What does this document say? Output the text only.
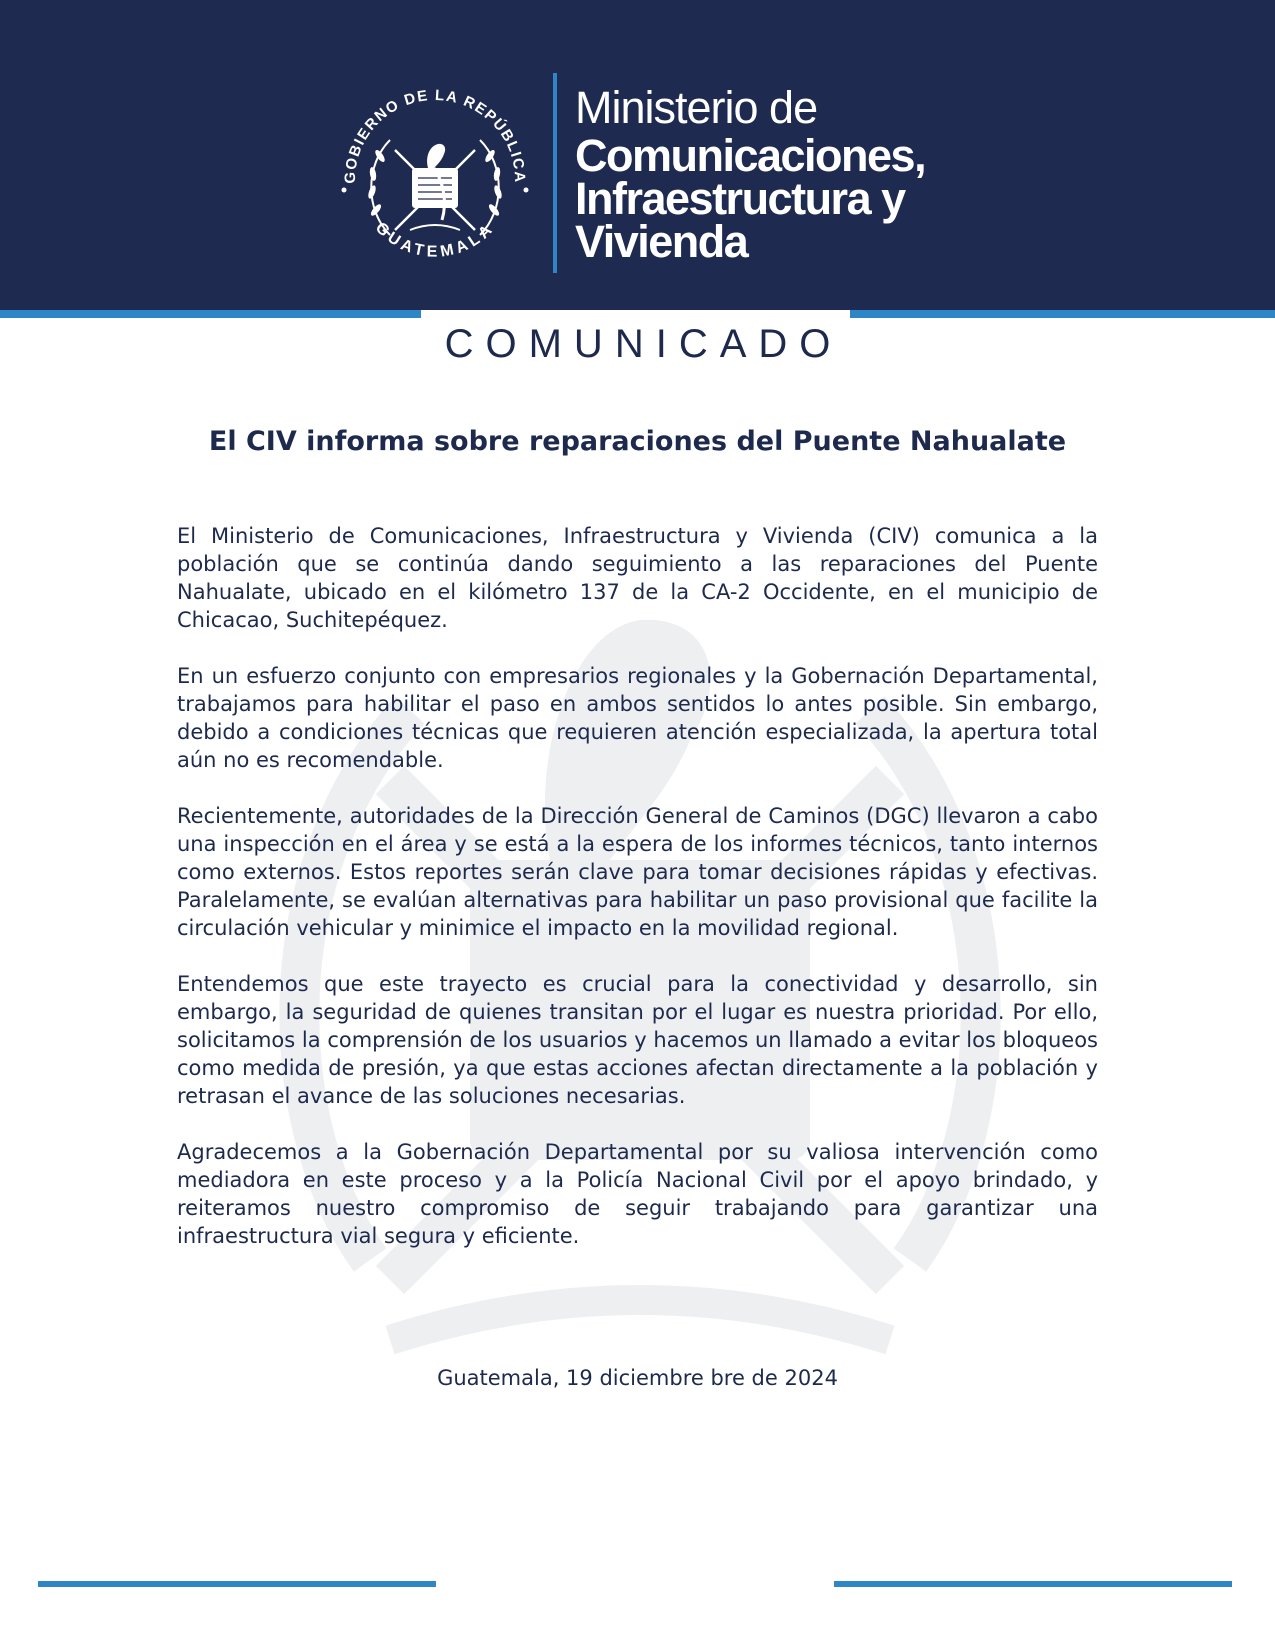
GOBIERNO DE LA REPÚBLICA
GUATEMALA
Ministerio de
Comunicaciones,
Infraestructura y
Vivienda
COMUNICADO
El CIV informa sobre reparaciones del Puente Nahualate

El Ministerio de Comunicaciones, Infraestructura y Vivienda (CIV) comunica a la población que se continúa dando seguimiento a las reparaciones del Puente Nahualate, ubicado en el kilómetro 137 de la CA-2 Occidente, en el municipio de Chicacao, Suchitepéquez.

En un esfuerzo conjunto con empresarios regionales y la Gobernación Departamental, trabajamos para habilitar el paso en ambos sentidos lo antes posible. Sin embargo, debido a condiciones técnicas que requieren atención especializada, la apertura total aún no es recomendable.

Recientemente, autoridades de la Dirección General de Caminos (DGC) llevaron a cabo una inspección en el área y se está a la espera de los informes técnicos, tanto internos como externos. Estos reportes serán clave para tomar decisiones rápidas y efectivas. Paralelamente, se evalúan alternativas para habilitar un paso provisional que facilite la circulación vehicular y minimice el impacto en la movilidad regional.

Entendemos que este trayecto es crucial para la conectividad y desarrollo, sin embargo, la seguridad de quienes transitan por el lugar es nuestra prioridad. Por ello, solicitamos la comprensión de los usuarios y hacemos un llamado a evitar los bloqueos como medida de presión, ya que estas acciones afectan directamente a la población y retrasan el avance de las soluciones necesarias.

Agradecemos a la Gobernación Departamental por su valiosa intervención como mediadora en este proceso y a la Policía Nacional Civil por el apoyo brindado, y reiteramos nuestro compromiso de seguir trabajando para garantizar una infraestructura vial segura y eficiente.

Guatemala, 19 diciembre bre de 2024
